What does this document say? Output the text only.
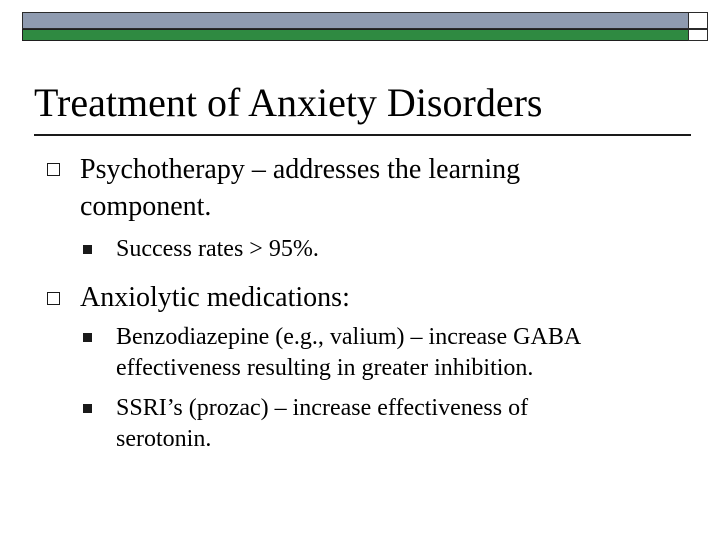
Treatment of Anxiety Disorders
Psychotherapy – addresses the learning
component.
Success rates > 95%.
Anxiolytic medications:
Benzodiazepine (e.g., valium) – increase GABA
effectiveness resulting in greater inhibition.
SSRI’s (prozac) – increase effectiveness of
serotonin.
